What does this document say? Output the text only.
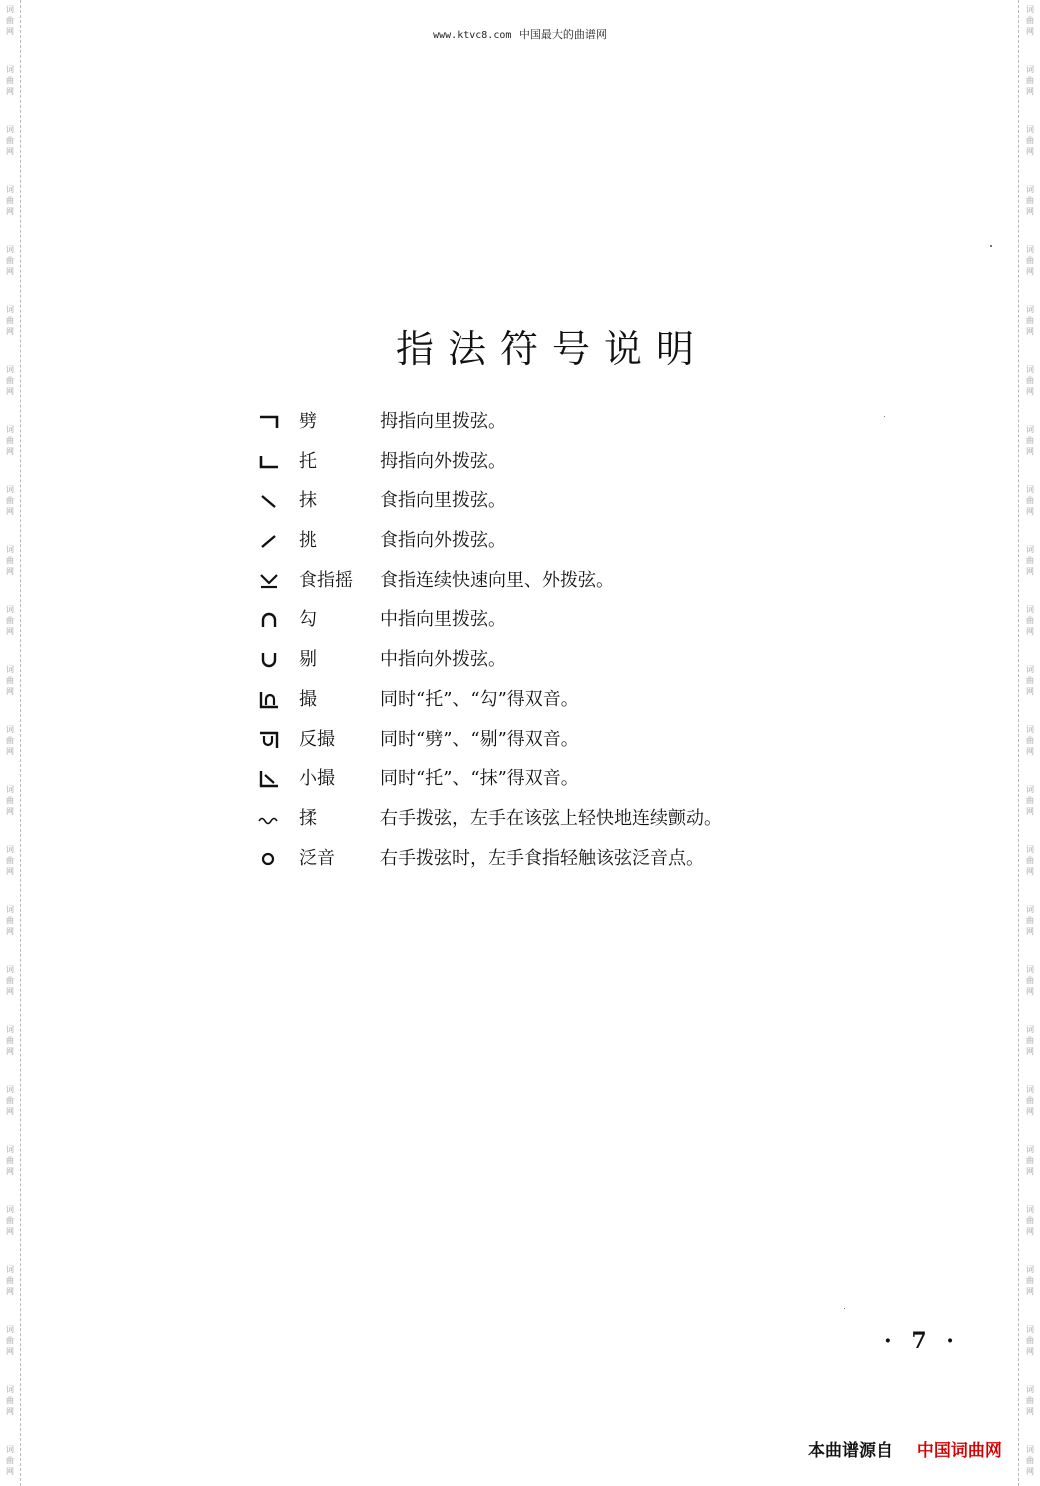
词
曲
网
词
曲
网
词
曲
网
词
曲
网
词
曲
网
词
曲
网
词
曲
网
词
曲
网
词
曲
网
词
曲
网
词
曲
网
词
曲
网
词
曲
网
词
曲
网
词
曲
网
词
曲
网
词
曲
网
词
曲
网
词
曲
网
词
曲
网
词
曲
网
词
曲
网
词
曲
网
词
曲
网
词
曲
网
词
曲
网
词
曲
网
词
曲
网
词
曲
网
词
曲
网
词
曲
网
词
曲
网
词
曲
网
词
曲
网
词
曲
网
词
曲
网
词
曲
网
词
曲
网
词
曲
网
词
曲
网
词
曲
网
词
曲
网
词
曲
网
词
曲
网
词
曲
网
词
曲
网
词
曲
网
词
曲
网
词
曲
网
词
曲
网
www.ktvc8.com 中国最大的曲谱网
指法符号说明
劈	拇指向里拨弦。
托	拇指向外拨弦。
抹	食指向里拨弦。
挑	食指向外拨弦。
食指摇 食指连续快速向里、外拨弦。
勾	中指向里拨弦。
剔	中指向外拨弦。
撮	同时“托”、“勾”得双音。
反撮	同时“劈”、“剔”得双音。
小撮	同时“托”、“抹”得双音。
揉	右手拨弦，左手在该弦上轻快地连续颤动。
泛音	右手拨弦时，左手食指轻触该弦泛音点。
· 7 ·
本曲谱源自 中国词曲网
